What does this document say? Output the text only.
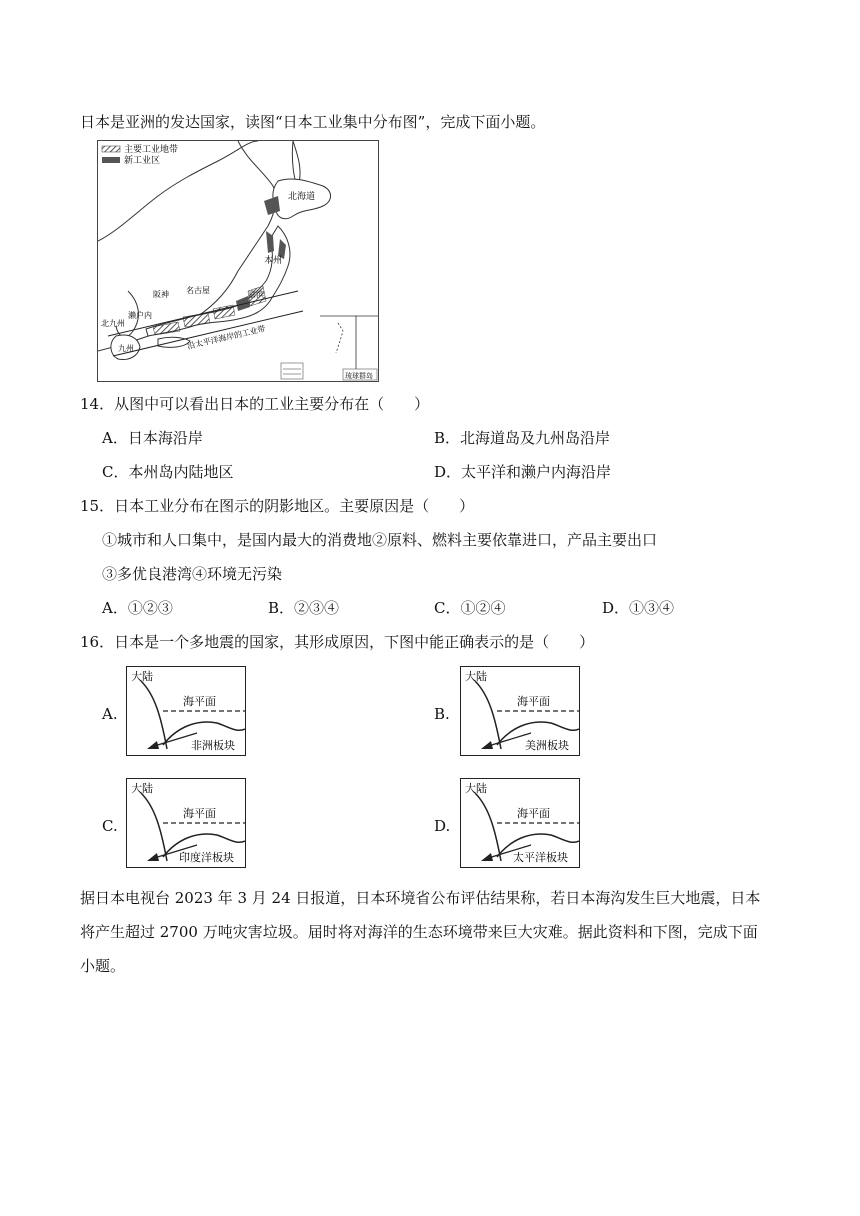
日本是亚洲的发达国家，读图“日本工业集中分布图”，完成下面小题。
主要工业地带
新工业区
北海道
本州
阪神 名古屋	京滨
濑户内
北九州
九州	沿太平洋海岸的工业带
琉球群岛
14．从图中可以看出日本的工业主要分布在（　　）
A．日本海沿岸	B．北海道岛及九州岛沿岸
C．本州岛内陆地区	D．太平洋和濑户内海沿岸
15．日本工业分布在图示的阴影地区。主要原因是（　　）
①城市和人口集中，是国内最大的消费地②原料、燃料主要依靠进口，产品主要出口
③多优良港湾④环境无污染
A．①②③	B．②③④	C．①②④	D．①③④
16．日本是一个多地震的国家，其形成原因，下图中能正确表示的是（　　）
A.
大陆
海平面
非洲板块
B.
大陆
海平面
美洲板块
C.
大陆
海平面
印度洋板块
D.
大陆
海平面
太平洋板块
据日本电视台 2023 年 3 月 24 日报道，日本环境省公布评估结果称，若日本海沟发生巨大地震，日本
将产生超过 2700 万吨灾害垃圾。届时将对海洋的生态环境带来巨大灾难。据此资料和下图，完成下面
小题。
